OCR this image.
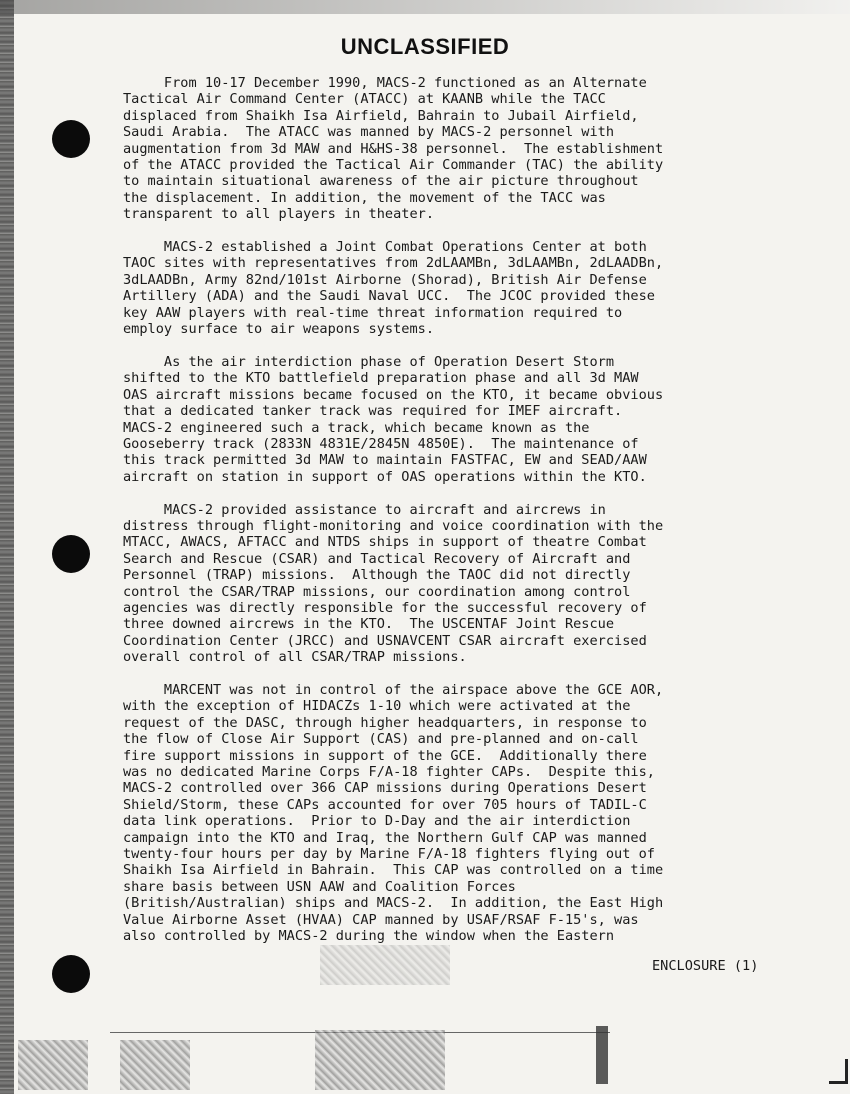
UNCLASSIFIED

From 10-17 December 1990, MACS-2 functioned as an Alternate
Tactical Air Command Center (ATACC) at KAANB while the TACC
displaced from Shaikh Isa Airfield, Bahrain to Jubail Airfield,
Saudi Arabia.  The ATACC was manned by MACS-2 personnel with
augmentation from 3d MAW and H&HS-38 personnel.  The establishment
of the ATACC provided the Tactical Air Commander (TAC) the ability
to maintain situational awareness of the air picture throughout
the displacement. In addition, the movement of the TACC was
transparent to all players in theater.

MACS-2 established a Joint Combat Operations Center at both
TAOC sites with representatives from 2dLAAMBn, 3dLAAMBn, 2dLAADBn,
3dLAADBn, Army 82nd/101st Airborne (Shorad), British Air Defense
Artillery (ADA) and the Saudi Naval UCC.  The JCOC provided these
key AAW players with real-time threat information required to
employ surface to air weapons systems.

As the air interdiction phase of Operation Desert Storm
shifted to the KTO battlefield preparation phase and all 3d MAW
OAS aircraft missions became focused on the KTO, it became obvious
that a dedicated tanker track was required for IMEF aircraft.
MACS-2 engineered such a track, which became known as the
Gooseberry track (2833N 4831E/2845N 4850E).  The maintenance of
this track permitted 3d MAW to maintain FASTFAC, EW and SEAD/AAW
aircraft on station in support of OAS operations within the KTO.

MACS-2 provided assistance to aircraft and aircrews in
distress through flight-monitoring and voice coordination with the
MTACC, AWACS, AFTACC and NTDS ships in support of theatre Combat
Search and Rescue (CSAR) and Tactical Recovery of Aircraft and
Personnel (TRAP) missions.  Although the TAOC did not directly
control the CSAR/TRAP missions, our coordination among control
agencies was directly responsible for the successful recovery of
three downed aircrews in the KTO.  The USCENTAF Joint Rescue
Coordination Center (JRCC) and USNAVCENT CSAR aircraft exercised
overall control of all CSAR/TRAP missions.

MARCENT was not in control of the airspace above the GCE AOR,
with the exception of HIDACZs 1-10 which were activated at the
request of the DASC, through higher headquarters, in response to
the flow of Close Air Support (CAS) and pre-planned and on-call
fire support missions in support of the GCE.  Additionally there
was no dedicated Marine Corps F/A-18 fighter CAPs.  Despite this,
MACS-2 controlled over 366 CAP missions during Operations Desert
Shield/Storm, these CAPs accounted for over 705 hours of TADIL-C
data link operations.  Prior to D-Day and the air interdiction
campaign into the KTO and Iraq, the Northern Gulf CAP was manned
twenty-four hours per day by Marine F/A-18 fighters flying out of
Shaikh Isa Airfield in Bahrain.  This CAP was controlled on a time
share basis between USN AAW and Coalition Forces
(British/Australian) ships and MACS-2.  In addition, the East High
Value Airborne Asset (HVAA) CAP manned by USAF/RSAF F-15's, was
also controlled by MACS-2 during the window when the Eastern

ENCLOSURE (1)
